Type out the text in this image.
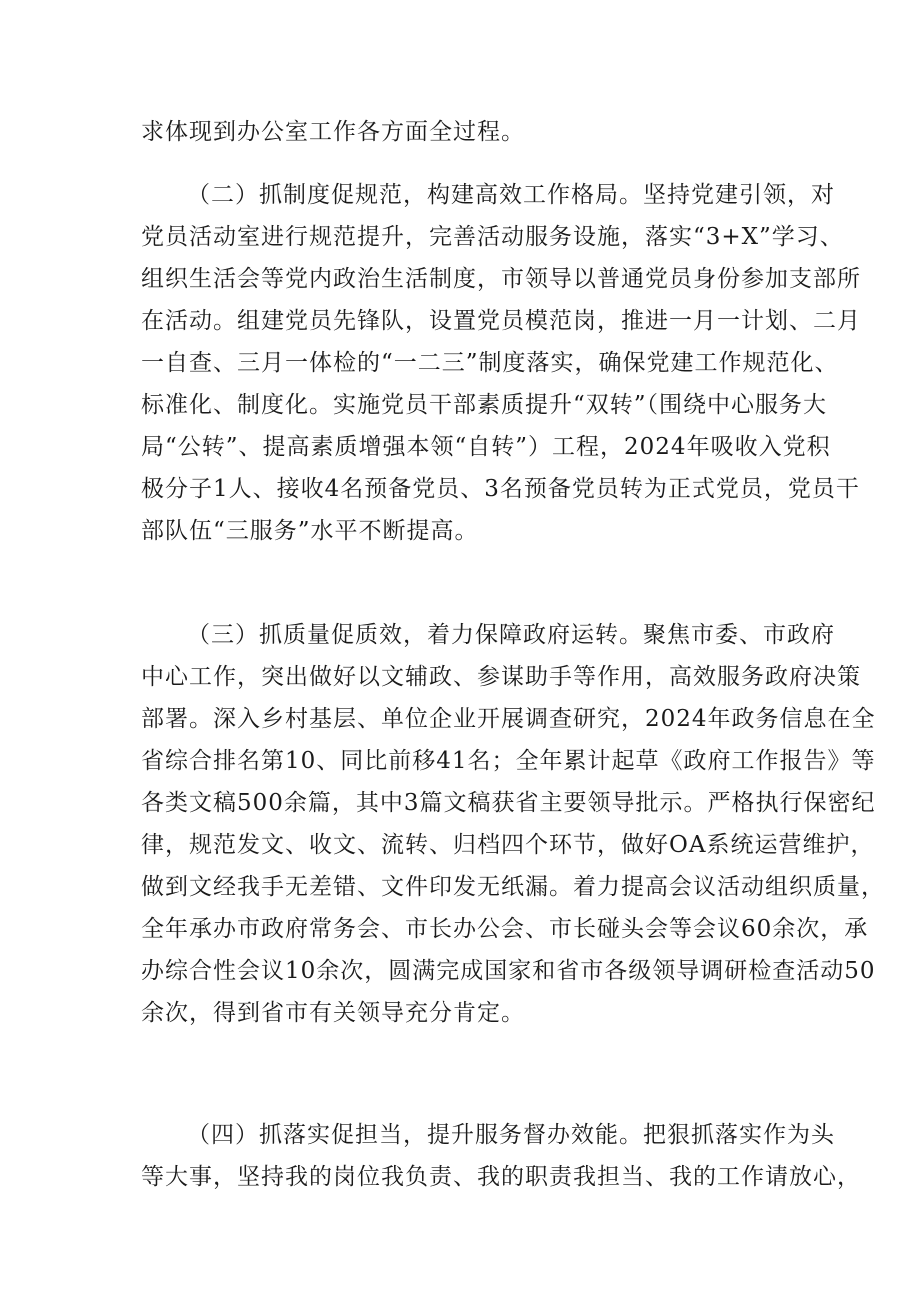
求体现到办公室工作各方面全过程。
（二）抓制度促规范，构建高效工作格局。坚持党建引领，对
党员活动室进行规范提升，完善活动服务设施，落实“3+X”学习、
组织生活会等党内政治生活制度，市领导以普通党员身份参加支部所
在活动。组建党员先锋队，设置党员模范岗，推进一月一计划、二月
一自查、三月一体检的“一二三”制度落实，确保党建工作规范化、
标准化、制度化。实施党员干部素质提升“双转”（围绕中心服务大
局“公转”、提高素质增强本领“自转”）工程，2024年吸收入党积
极分子1人、接收4名预备党员、3名预备党员转为正式党员，党员干
部队伍“三服务”水平不断提高。
（三）抓质量促质效，着力保障政府运转。聚焦市委、市政府
中心工作，突出做好以文辅政、参谋助手等作用，高效服务政府决策
部署。深入乡村基层、单位企业开展调查研究，2024年政务信息在全
省综合排名第10、同比前移41名；全年累计起草《政府工作报告》等
各类文稿500余篇，其中3篇文稿获省主要领导批示。严格执行保密纪
律，规范发文、收文、流转、归档四个环节，做好OA系统运营维护，
做到文经我手无差错、文件印发无纸漏。着力提高会议活动组织质量，
全年承办市政府常务会、市长办公会、市长碰头会等会议60余次，承
办综合性会议10余次，圆满完成国家和省市各级领导调研检查活动50
余次，得到省市有关领导充分肯定。
（四）抓落实促担当，提升服务督办效能。把狠抓落实作为头
等大事，坚持我的岗位我负责、我的职责我担当、我的工作请放心，
